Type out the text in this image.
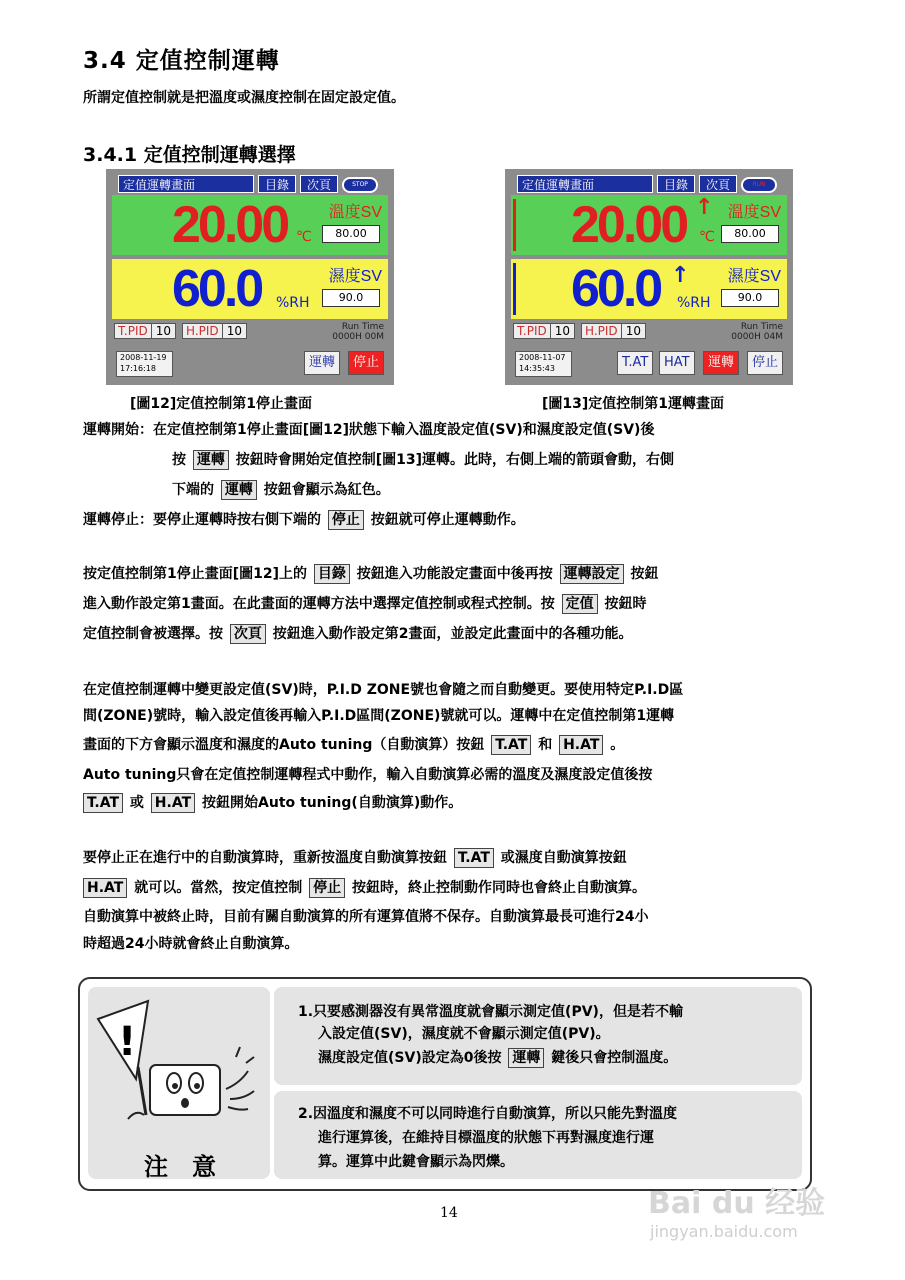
3.4 定值控制運轉
所謂定值控制就是把溫度或濕度控制在固定設定值。
3.4.1 定值控制運轉選擇
定值運轉畫面	目錄	次頁	STOP
20.00 ℃
溫度SV
80.00
60.0 %RH
濕度SV
90.0
T.PID 10	H.PID 10	Run Time
0000H 00M
2008-11-19
17:16:18	運轉	停止
定值運轉畫面	目錄	次頁	RUN
20.00 ↑
℃
溫度SV
80.00
60.0 ↑
%RH
濕度SV
90.0
T.PID 10	H.PID 10	Run Time
0000H 04M
2008-11-07
14:35:43	T.AT	HAT	運轉	停止
[圖12]定值控制第1停止畫面	[圖13]定值控制第1運轉畫面
運轉開始：在定值控制第1停止畫面[圖12]狀態下輸入溫度設定值(SV)和濕度設定值(SV)後
按 運轉 按鈕時會開始定值控制[圖13]運轉。此時，右側上端的箭頭會動，右側
下端的 運轉 按鈕會顯示為紅色。
運轉停止：要停止運轉時按右側下端的 停止 按鈕就可停止運轉動作。
按定值控制第1停止畫面[圖12]上的 目錄 按鈕進入功能設定畫面中後再按 運轉設定 按鈕
進入動作設定第1畫面。在此畫面的運轉方法中選擇定值控制或程式控制。按 定值 按鈕時
定值控制會被選擇。按 次頁 按鈕進入動作設定第2畫面，並設定此畫面中的各種功能。
在定值控制運轉中變更設定值(SV)時，P.I.D ZONE號也會隨之而自動變更。要使用特定P.I.D區
間(ZONE)號時，輸入設定值後再輸入P.I.D區間(ZONE)號就可以。運轉中在定值控制第1運轉
畫面的下方會顯示溫度和濕度的Auto tuning（自動演算）按鈕 T.AT 和 H.AT 。
Auto tuning只會在定值控制運轉程式中動作，輸入自動演算必需的溫度及濕度設定值後按
T.AT 或 H.AT 按鈕開始Auto tuning(自動演算)動作。
要停止正在進行中的自動演算時，重新按溫度自動演算按鈕 T.AT 或濕度自動演算按鈕
H.AT 就可以。當然，按定值控制 停止 按鈕時，終止控制動作同時也會終止自動演算。
自動演算中被終止時，目前有關自動演算的所有運算值將不保存。自動演算最長可進行24小
時超過24小時就會終止自動演算。
!
注　意
1.只要感測器沒有異常溫度就會顯示測定值(PV)，但是若不輸
入設定值(SV)，濕度就不會顯示測定值(PV)。
濕度設定值(SV)設定為0後按 運轉 鍵後只會控制溫度。
2.因溫度和濕度不可以同時進行自動演算，所以只能先對溫度
進行運算後，在維持目標溫度的狀態下再對濕度進行運
算。運算中此鍵會顯示為閃爍。
14	Bai du 经验
jingyan.baidu.com
